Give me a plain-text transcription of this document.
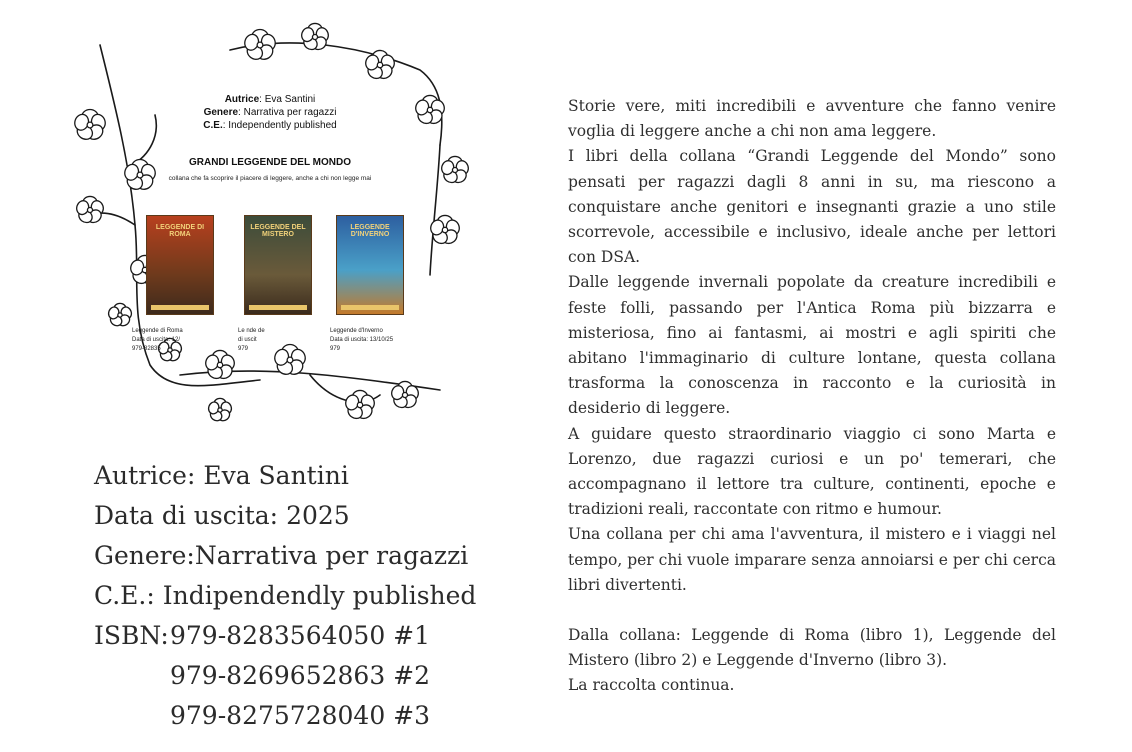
Autrice: Eva Santini
Genere: Narrativa per ragazzi
C.E.: Independently published
GRANDI LEGGENDE DEL MONDO
collana che fa scoprire il piacere di leggere, anche a chi non legge mai
LEGGENDE DI ROMA
LEGGENDE DEL MISTERO
LEGGENDE D'INVERNO
Leggende di Roma
Data di uscita: 12/
979-82835
Le nde de
di uscit
979
Leggende d'Inverno
Data di uscita: 13/10/25
979
Autrice: Eva Santini
Data di uscita: 2025
Genere:Narrativa per ragazzi
C.E.: Indipendendly published
ISBN: 979-8283564050 #1
979-8269652863 #2
979-8275728040 #3

Storie vere, miti incredibili e avventure che fanno venire voglia di leggere anche a chi non ama leggere.

I libri della collana “Grandi Leggende del Mondo” sono pensati per ragazzi dagli 8 anni in su, ma riescono a conquistare anche genitori e insegnanti grazie a uno stile scorrevole, accessibile e inclusivo, ideale anche per lettori con DSA.

Dalle leggende invernali popolate da creature incredibili e feste folli, passando per l'Antica Roma più bizzarra e misteriosa, fino ai fantasmi, ai mostri e agli spiriti che abitano l'immaginario di culture lontane, questa collana trasforma la conoscenza in racconto e la curiosità in desiderio di leggere.

A guidare questo straordinario viaggio ci sono Marta e Lorenzo, due ragazzi curiosi e un po' temerari, che accompagnano il lettore tra culture, continenti, epoche e tradizioni reali, raccontate con ritmo e humour.

Una collana per chi ama l'avventura, il mistero e i viaggi nel tempo, per chi vuole imparare senza annoiarsi e per chi cerca libri divertenti.

Dalla collana: Leggende di Roma (libro 1), Leggende del Mistero (libro 2) e Leggende d'Inverno (libro 3).

La raccolta continua.
